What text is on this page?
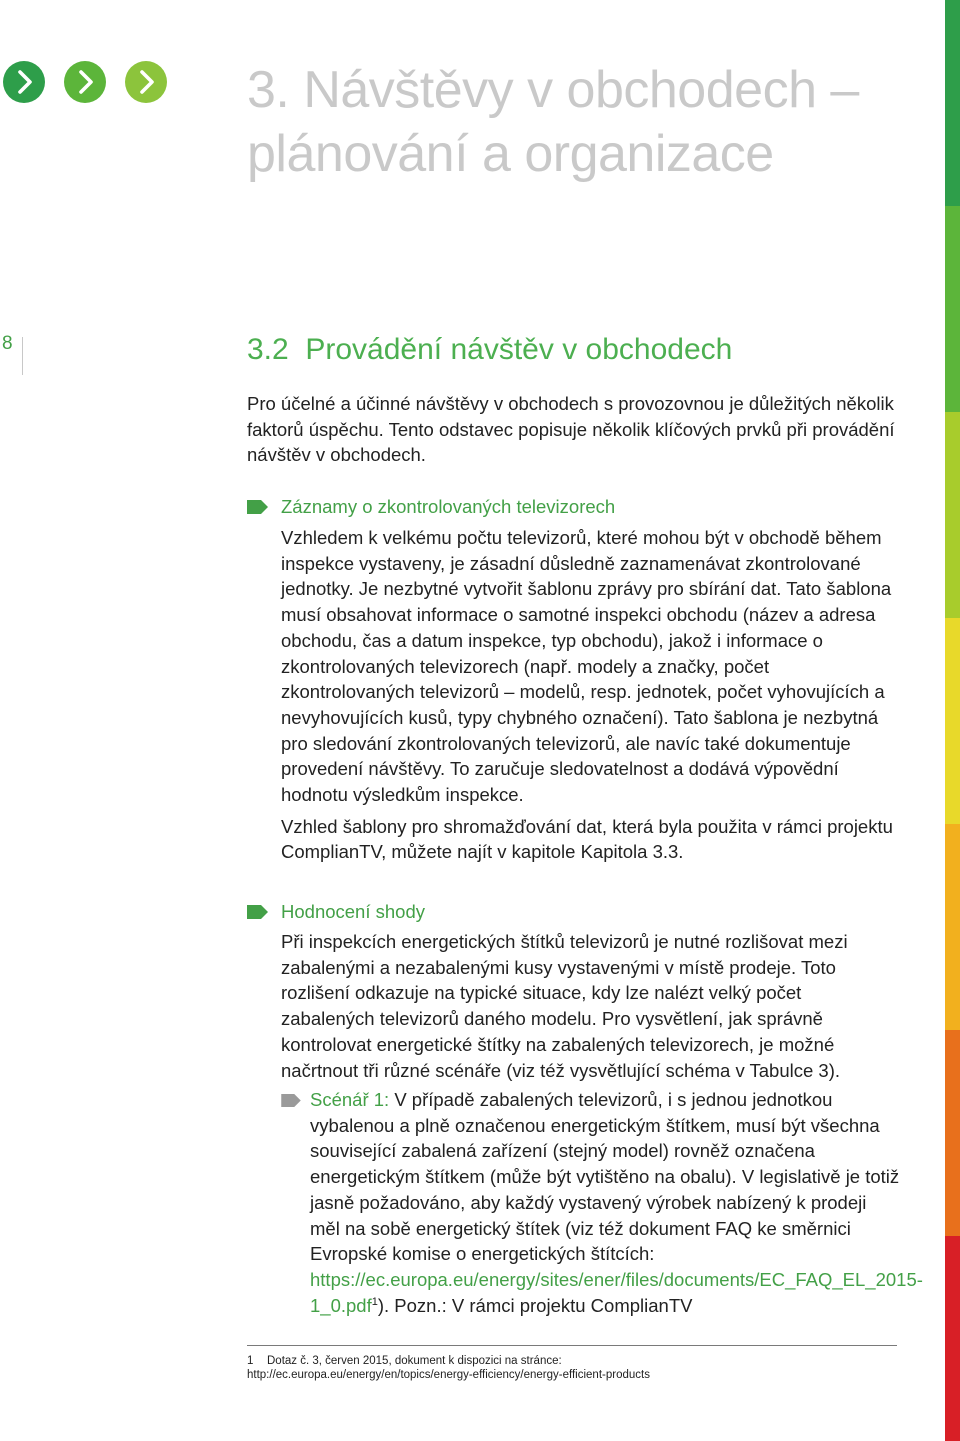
3. Návštěvy v obchodech –
plánování a organizace
8	3.2  Provádění návštěv v obchodech

Pro účelné a účinné návštěvy v obchodech s provozovnou je důležitých několik faktorů úspěchu. Tento odstavec popisuje několik klíčových prvků při provádění návštěv v obchodech.

Záznamy o zkontrolovaných televizorech

Vzhledem k velkému počtu televizorů, které mohou být v obchodě během inspekce vystaveny, je zásadní důsledně zaznamenávat zkontrolované jednotky. Je nezbytné vytvořit šablonu zprávy pro sbírání dat. Tato šablona musí obsahovat informace o samotné inspekci obchodu (název a adresa obchodu, čas a datum inspekce, typ obchodu), jakož i informace o zkontrolovaných televizorech (např. modely a značky, počet zkontrolovaných televizorů – modelů, resp. jednotek, počet vyhovujících a nevyhovujících kusů, typy chybného označení). Tato šablona je nezbytná pro sledování zkontrolovaných televizorů, ale navíc také dokumentuje provedení návštěvy. To zaručuje sledovatelnost a dodává výpovědní hodnotu výsledkům inspekce.

Vzhled šablony pro shromažďování dat, která byla použita v rámci projektu ComplianTV, můžete najít v kapitole Kapitola 3.3.

Hodnocení shody

Při inspekcích energetických štítků televizorů je nutné rozlišovat mezi zabalenými a nezabalenými kusy vystavenými v místě prodeje. Toto rozlišení odkazuje na typické situace, kdy lze nalézt velký počet zabalených televizorů daného modelu. Pro vysvětlení, jak správně kontrolovat energetické štítky na zabalených televizorech, je možné načrtnout tři různé scénáře (viz též vysvětlující schéma v Tabulce 3).

Scénář 1: V případě zabalených televizorů, i s jednou jednotkou vybalenou a plně označenou energetickým štítkem, musí být všechna související zabalená zařízení (stejný model) rovněž označena energetickým štítkem (může být vytištěno na obalu). V legislativě je totiž jasně požadováno, aby každý vystavený výrobek nabízený k prodeji měl na sobě energetický štítek (viz též dokument FAQ ke směrnici Evropské komise o energetických štítcích: https://ec.europa.eu/energy/sites/ener/files/documents/EC_FAQ_EL_2015-1_0.pdf$^1$). Pozn.: V rámci projektu ComplianTV

1 Dotaz č. 3, červen 2015, dokument k dispozici na stránce:
http://ec.europa.eu/energy/en/topics/energy-efficiency/energy-efficient-products
